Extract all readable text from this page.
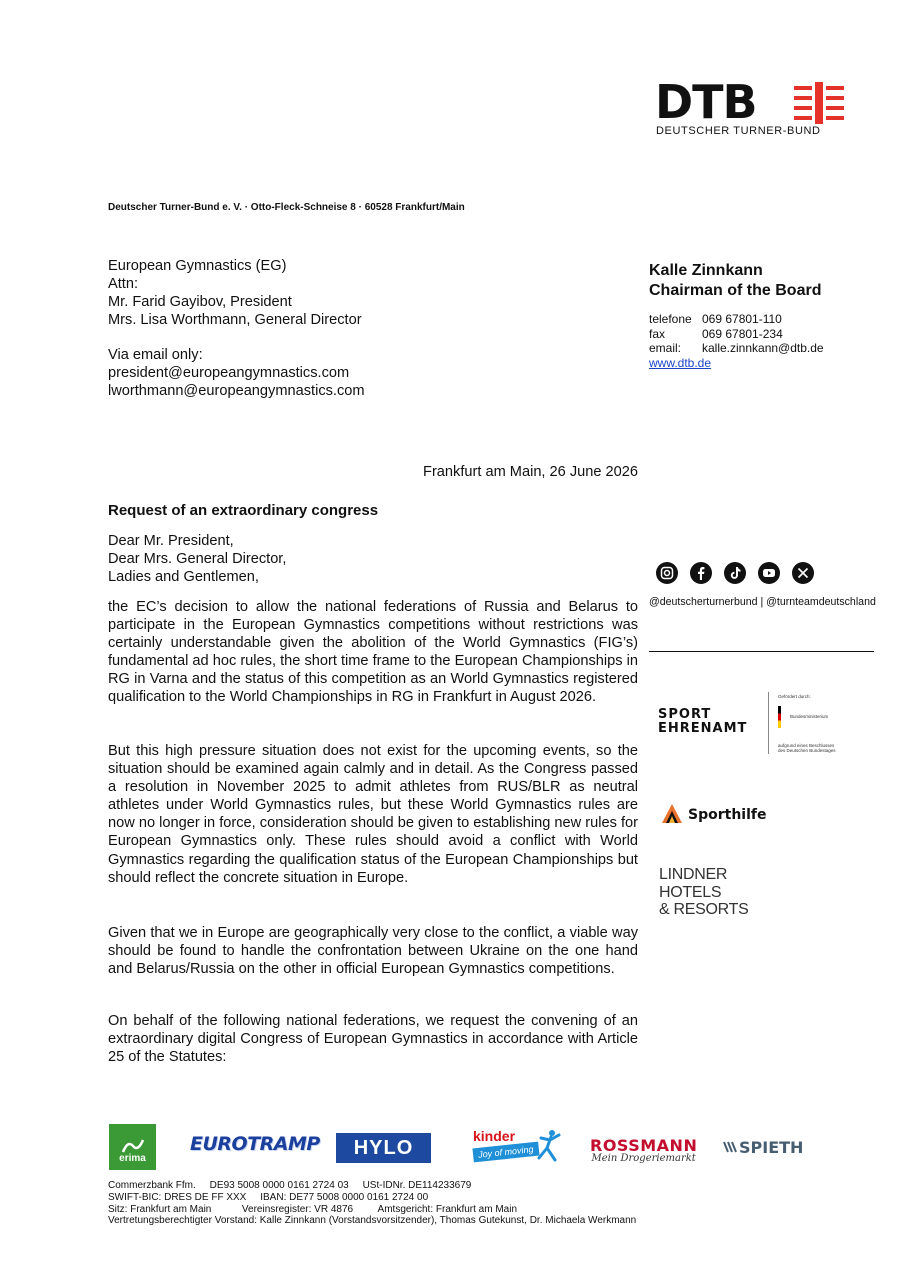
DTB
DEUTSCHER TURNER-BUND
Deutscher Turner-Bund e. V. · Otto-Fleck-Schneise 8 · 60528 Frankfurt/Main
European Gymnastics (EG)
Attn:
Mr. Farid Gayibov, President
Mrs. Lisa Worthmann, General Director
Via email only:
president@europeangymnastics.com
lworthmann@europeangymnastics.com
Kalle Zinnkann
Chairman of the Board
telefone 069 67801-110
fax	069 67801-234
email: kalle.zinnkann@dtb.de
www.dtb.de
Frankfurt am Main, 26 June 2026
Request of an extraordinary congress
Dear Mr. President,
Dear Mrs. General Director,
Ladies and Gentlemen,

the EC’s decision to allow the national federations of Russia and Belarus to participate in the European Gymnastics competitions without restrictions was certainly understandable given the abolition of the World Gymnastics (FIG’s) fundamental ad hoc rules, the short time frame to the European Championships in RG in Varna and the status of this competition as an World Gymnastics registered qualification to the World Championships in RG in Frankfurt in August 2026.

But this high pressure situation does not exist for the upcoming events, so the situation should be examined again calmly and in detail. As the Congress passed a resolution in November 2025 to admit athletes from RUS/BLR as neutral athletes under World Gymnastics rules, but these World Gymnastics rules are now no longer in force, consideration should be given to establishing new rules for European Gymnastics only. These rules should avoid a conflict with World Gymnastics regarding the qualification status of the European Championships but should reflect the concrete situation in Europe.

Given that we in Europe are geographically very close to the conflict, a viable way should be found to handle the confrontation between Ukraine on the one hand and Belarus/Russia on the other in official European Gymnastics competitions.

On behalf of the following national federations, we request the convening of an extraordinary digital Congress of European Gymnastics in accordance with Article 25 of the Statutes:

@deutscherturnerbund | @turnteamdeutschland
SPORT
EHRENAMT
Gefördert durch:
Bundesministerium
aufgrund eines Beschlusses
des Deutschen Bundestages
Sporthilfe
LINDNER
HOTELS
& RESORTS
erima
EUROTRAMP	HYLO
kinder
Joy of moving	ROSSMANN
Mein Drogeriemarkt
SPIETH
Commerzbank Ffm.     DE93 5008 0000 0161 2724 03     USt-IDNr. DE114233679
SWIFT-BIC: DRES DE FF XXX     IBAN: DE77 5008 0000 0161 2724 00
Sitz: Frankfurt am Main           Vereinsregister: VR 4876         Amtsgericht: Frankfurt am Main
Vertretungsberechtigter Vorstand: Kalle Zinnkann (Vorstandsvorsitzender), Thomas Gutekunst, Dr. Michaela Werkmann
